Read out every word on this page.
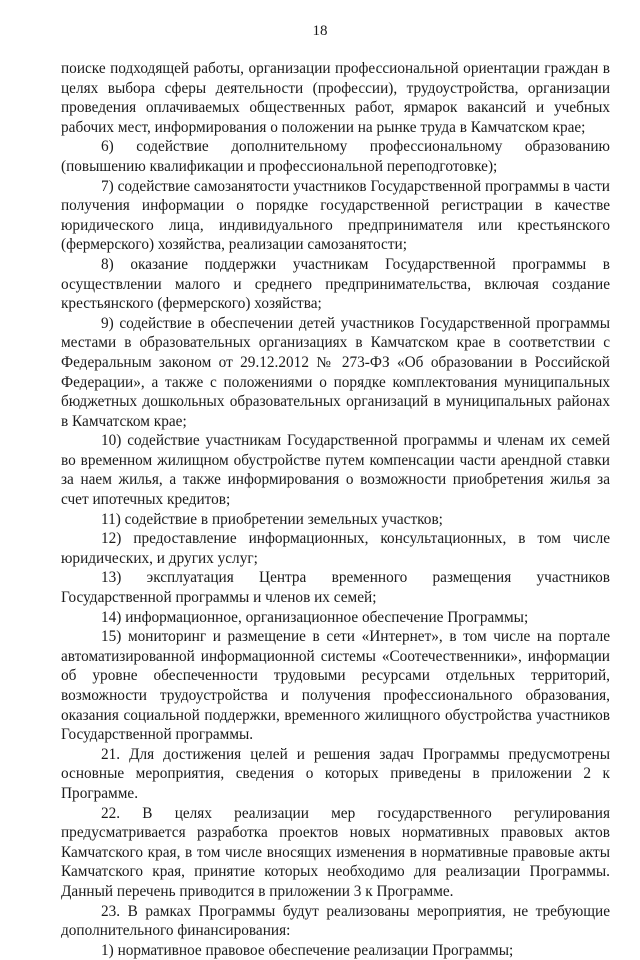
18

поиске подходящей работы, организации профессиональной ориентации граждан в целях выбора сферы деятельности (профессии), трудоустройства, организации проведения оплачиваемых общественных работ, ярмарок вакансий и учебных рабочих мест, информирования о положении на рынке труда в Камчатском крае;

6) содействие дополнительному профессиональному образованию (повышению квалификации и профессиональной переподготовке);

7) содействие самозанятости участников Государственной программы в части получения информации о порядке государственной регистрации в качестве юридического лица, индивидуального предпринимателя или крестьянского (фермерского) хозяйства, реализации самозанятости;

8) оказание поддержки участникам Государственной программы в осуществлении малого и среднего предпринимательства, включая создание крестьянского (фермерского) хозяйства;

9) содействие в обеспечении детей участников Государственной программы местами в образовательных организациях в Камчатском крае в соответствии с Федеральным законом от 29.12.2012 № 273-ФЗ «Об образовании в Российской Федерации», а также с положениями о порядке комплектования муниципальных бюджетных дошкольных образовательных организаций в муниципальных районах в Камчатском крае;

10) содействие участникам Государственной программы и членам их семей во временном жилищном обустройстве путем компенсации части арендной ставки за наем жилья, а также информирования о возможности приобретения жилья за счет ипотечных кредитов;

11) содействие в приобретении земельных участков;

12) предоставление информационных, консультационных, в том числе юридических, и других услуг;

13) эксплуатация Центра временного размещения участников Государственной программы и членов их семей;

14) информационное, организационное обеспечение Программы;

15) мониторинг и размещение в сети «Интернет», в том числе на портале автоматизированной информационной системы «Соотечественники», информации об уровне обеспеченности трудовыми ресурсами отдельных территорий, возможности трудоустройства и получения профессионального образования, оказания социальной поддержки, временного жилищного обустройства участников Государственной программы.

21. Для достижения целей и решения задач Программы предусмотрены основные мероприятия, сведения о которых приведены в приложении 2 к Программе.

22. В целях реализации мер государственного регулирования предусматривается разработка проектов новых нормативных правовых актов Камчатского края, в том числе вносящих изменения в нормативные правовые акты Камчатского края, принятие которых необходимо для реализации Программы. Данный перечень приводится в приложении 3 к Программе.

23. В рамках Программы будут реализованы мероприятия, не требующие дополнительного финансирования:

1) нормативное правовое обеспечение реализации Программы;
